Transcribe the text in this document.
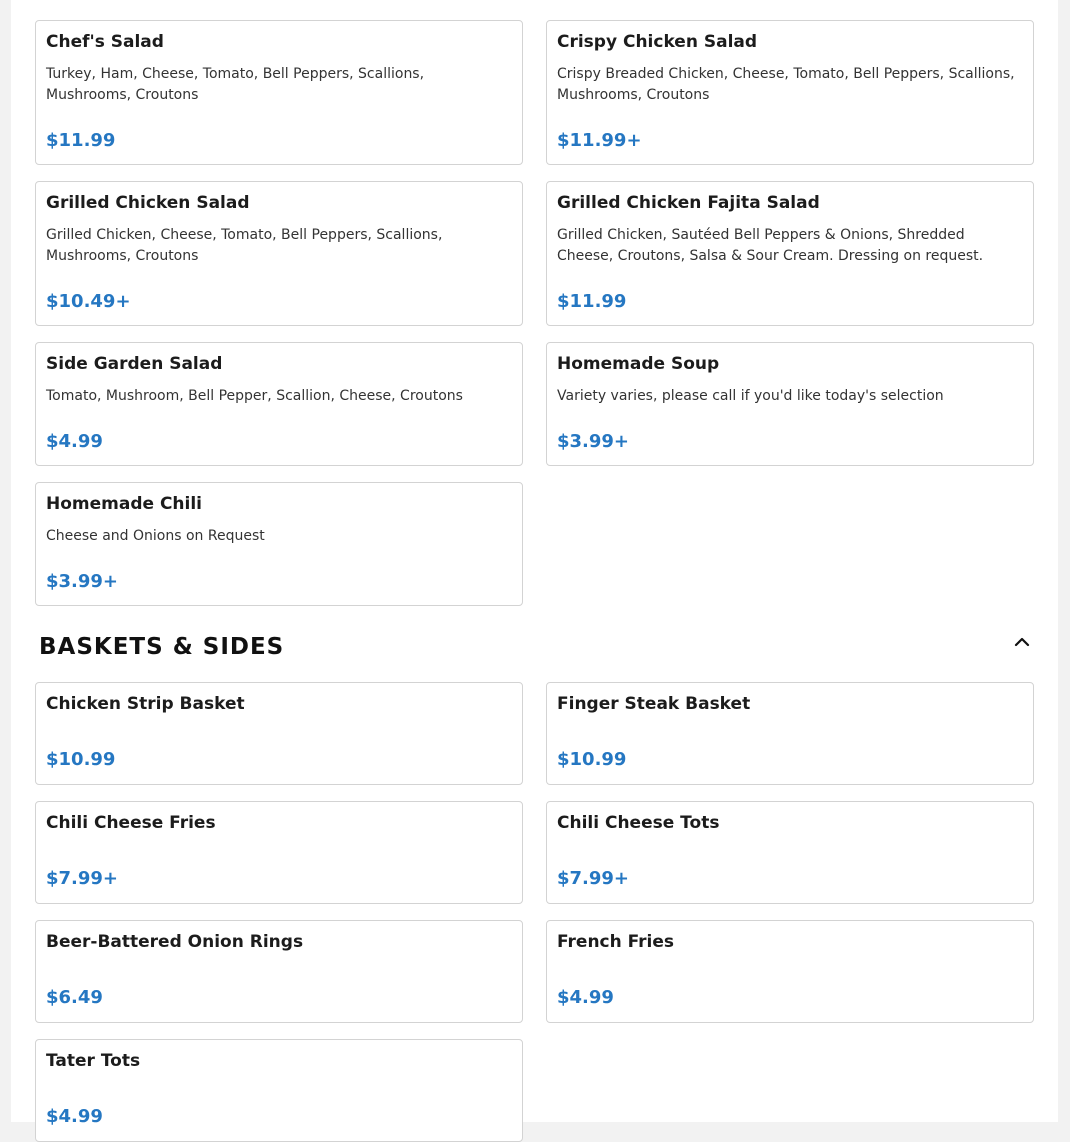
Chef's Salad
Turkey, Ham, Cheese, Tomato, Bell Peppers, Scallions, Mushrooms, Croutons
$11.99
Crispy Chicken Salad
Crispy Breaded Chicken, Cheese, Tomato, Bell Peppers, Scallions, Mushrooms, Croutons
$11.99+
Grilled Chicken Salad
Grilled Chicken, Cheese, Tomato, Bell Peppers, Scallions, Mushrooms, Croutons
$10.49+
Grilled Chicken Fajita Salad
Grilled Chicken, Sautéed Bell Peppers & Onions, Shredded Cheese, Croutons, Salsa & Sour Cream. Dressing on request.
$11.99
Side Garden Salad
Tomato, Mushroom, Bell Pepper, Scallion, Cheese, Croutons
$4.99
Homemade Soup
Variety varies, please call if you'd like today's selection
$3.99+
Homemade Chili
Cheese and Onions on Request
$3.99+
BASKETS & SIDES
Chicken Strip Basket
$10.99
Finger Steak Basket
$10.99
Chili Cheese Fries
$7.99+
Chili Cheese Tots
$7.99+
Beer-Battered Onion Rings
$6.49
French Fries
$4.99
Tater Tots
$4.99
